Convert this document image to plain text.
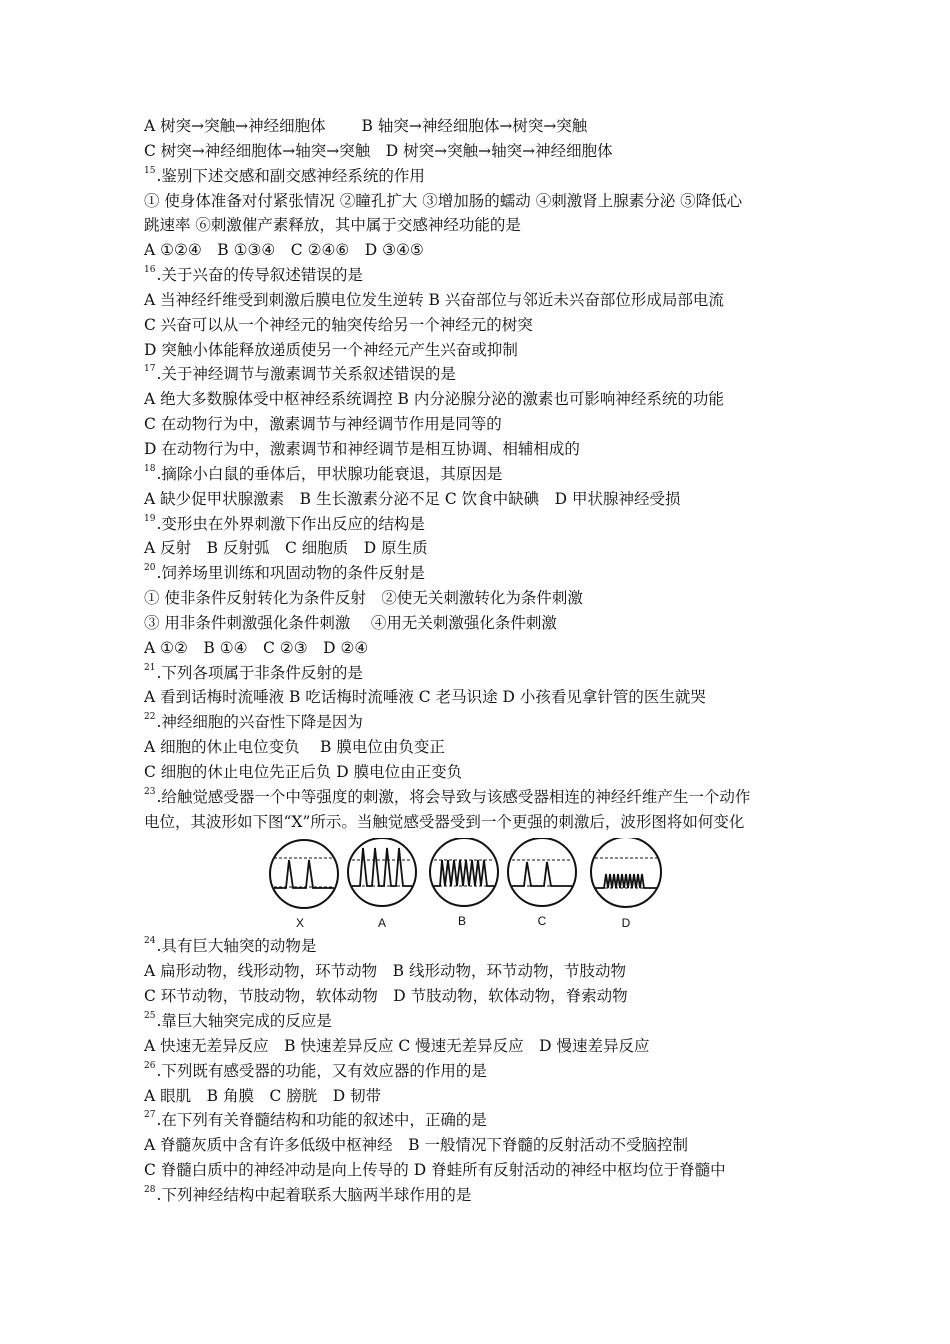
A 树突→突触→神经细胞体　　 B 轴突→神经细胞体→树突→突触
C 树突→神经细胞体→轴突→突触　D 树突→突触→轴突→神经细胞体
$^{15}$.鉴别下述交感和副交感神经系统的作用
① 使身体准备对付紧张情况 ②瞳孔扩大 ③增加肠的蠕动 ④刺激肾上腺素分泌 ⑤降低心
跳速率 ⑥刺激催产素释放，其中属于交感神经功能的是
A ①②④　B ①③④　C ②④⑥　D ③④⑤
$^{16}$.关于兴奋的传导叙述错误的是
A 当神经纤维受到刺激后膜电位发生逆转 B 兴奋部位与邻近未兴奋部位形成局部电流
C 兴奋可以从一个神经元的轴突传给另一个神经元的树突
D 突触小体能释放递质使另一个神经元产生兴奋或抑制
$^{17}$.关于神经调节与激素调节关系叙述错误的是
A 绝大多数腺体受中枢神经系统调控 B 内分泌腺分泌的激素也可影响神经系统的功能
C 在动物行为中，激素调节与神经调节作用是同等的
D 在动物行为中，激素调节和神经调节是相互协调、相辅相成的
$^{18}$.摘除小白鼠的垂体后，甲状腺功能衰退，其原因是
A 缺少促甲状腺激素　B 生长激素分泌不足 C 饮食中缺碘　D 甲状腺神经受损
$^{19}$.变形虫在外界刺激下作出反应的结构是
A 反射　B 反射弧　C 细胞质　D 原生质
$^{20}$.饲养场里训练和巩固动物的条件反射是
① 使非条件反射转化为条件反射　②使无关刺激转化为条件刺激
③ 用非条件刺激强化条件刺激　 ④用无关刺激强化条件刺激
A ①②　B ①④　C ②③　D ②④
$^{21}$.下列各项属于非条件反射的是
A 看到话梅时流唾液 B 吃话梅时流唾液 C 老马识途 D 小孩看见拿针管的医生就哭
$^{22}$.神经细胞的兴奋性下降是因为
A 细胞的休止电位变负　 B 膜电位由负变正
C 细胞的休止电位先正后负 D 膜电位由正变负
$^{23}$.给触觉感受器一个中等强度的刺激，将会导致与该感受器相连的神经纤维产生一个动作
电位，其波形如下图“X”所示。当触觉感受器受到一个更强的刺激后，波形图将如何变化
X	A	B	C	D
$^{24}$.具有巨大轴突的动物是
A 扁形动物，线形动物，环节动物　B 线形动物，环节动物，节肢动物
C 环节动物，节肢动物，软体动物　D 节肢动物，软体动物，脊索动物
$^{25}$.靠巨大轴突完成的反应是
A 快速无差异反应　B 快速差异反应 C 慢速无差异反应　D 慢速差异反应
$^{26}$.下列既有感受器的功能，又有效应器的作用的是
A 眼肌　B 角膜　C 膀胱　D 韧带
$^{27}$.在下列有关脊髓结构和功能的叙述中，正确的是
A 脊髓灰质中含有许多低级中枢神经　B 一般情况下脊髓的反射活动不受脑控制
C 脊髓白质中的神经冲动是向上传导的 D 脊蛙所有反射活动的神经中枢均位于脊髓中
$^{28}$.下列神经结构中起着联系大脑两半球作用的是
